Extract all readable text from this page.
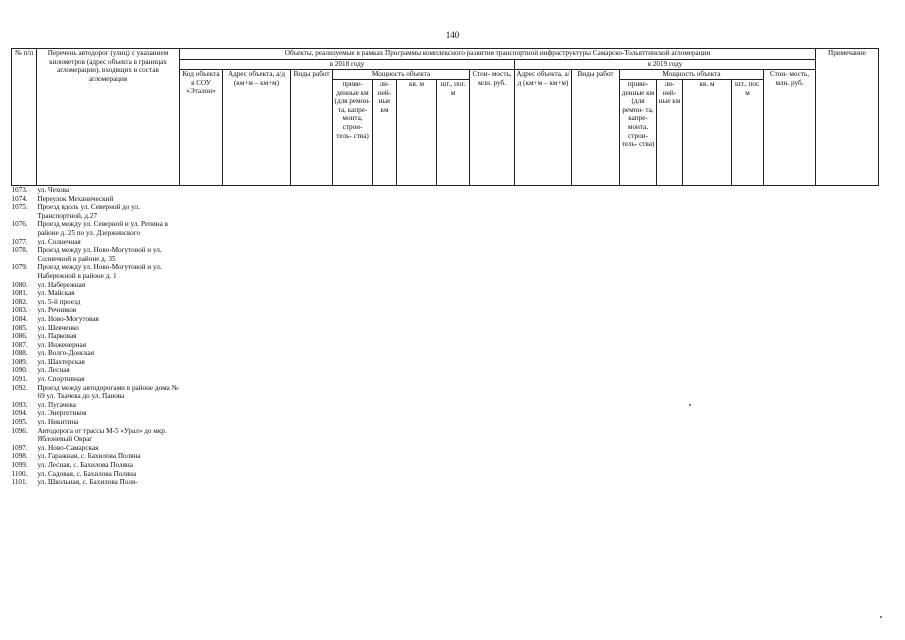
140
№ п/п	Перечень автодорог (улиц) с указанием километров (адрес объекта в границах агломерации), входящих в состав агломерация	Объекты, реализуемые в рамках Программы комплексного развития транспортной инфраструктуры Самарско-Тольяттинской агломерации															Примечание
		в 2018 году								в 2019 году							
		Код объекта в СОУ «Эталон»	Адрес объекта, а/д (км+м – км+м)	Виды работ	Мощность объекта				Стои- мость, млн. руб.	Адрес объекта, а/д (км+м – км+м)	Виды работ	Мощность объекта				Стои- мость, млн. руб.	
					приве- денные км (для ремон- та, капре- монта, строи- тель- ства)	ли- ней- ные км	кв. м	шт., пог. м				приве- денные км (для ремон- та, капре- монта, строи- тель- ства)	ли- ней- ные км	кв. м	шт., пог. м		
1073.	ул. Чехова																
1074.	Переулок Механический																
1075.	Проезд вдоль ул. Северной до ул. Транспортной, д.27																
1076.	Проезд между ул. Северной и ул. Репина в районе д. 25 по ул. Дзержинского																
1077.	ул. Солнечная																
1078.	Проезд между ул. Ново-Могутовой и ул. Солнечной в районе д. 35																
1079.	Проезд между ул. Ново-Могутовой и ул. Набережной в районе д. 1																
1080.	ул. Набережная																
1081.	ул. Майская																
1082.	ул. 5-й проезд																
1083.	ул. Речников																
1084.	ул. Ново-Могутовая																
1085.	ул. Шевченко																
1086.	ул. Парковая																
1087.	ул. Инженерная																
1088.	ул. Волго-Донская																
1089.	ул. Шахтерская																
1090.	ул. Лесная																
1091.	ул. Спортивная																
1092.	Проезд между автодорогами в районе дома № 69 ул. Ткачева до ул. Панова																
1093.	ул. Пугачева																
1094.	ул. Энергетиков																
1095.	ул. Никитина																
1096.	Автодорога от трассы М-5 «Урал» до мкр. Яблоневый Овраг																
1097.	ул. Ново-Самарская																
1098.	ул. Гаражная, с. Бахилова Поляна																
1099.	ул. Лесная, с. Бахилова Поляна																
1100.	ул. Садовая, с. Бахилова Поляна																
1101.	ул. Школьная, с. Бахилова Поля-																
